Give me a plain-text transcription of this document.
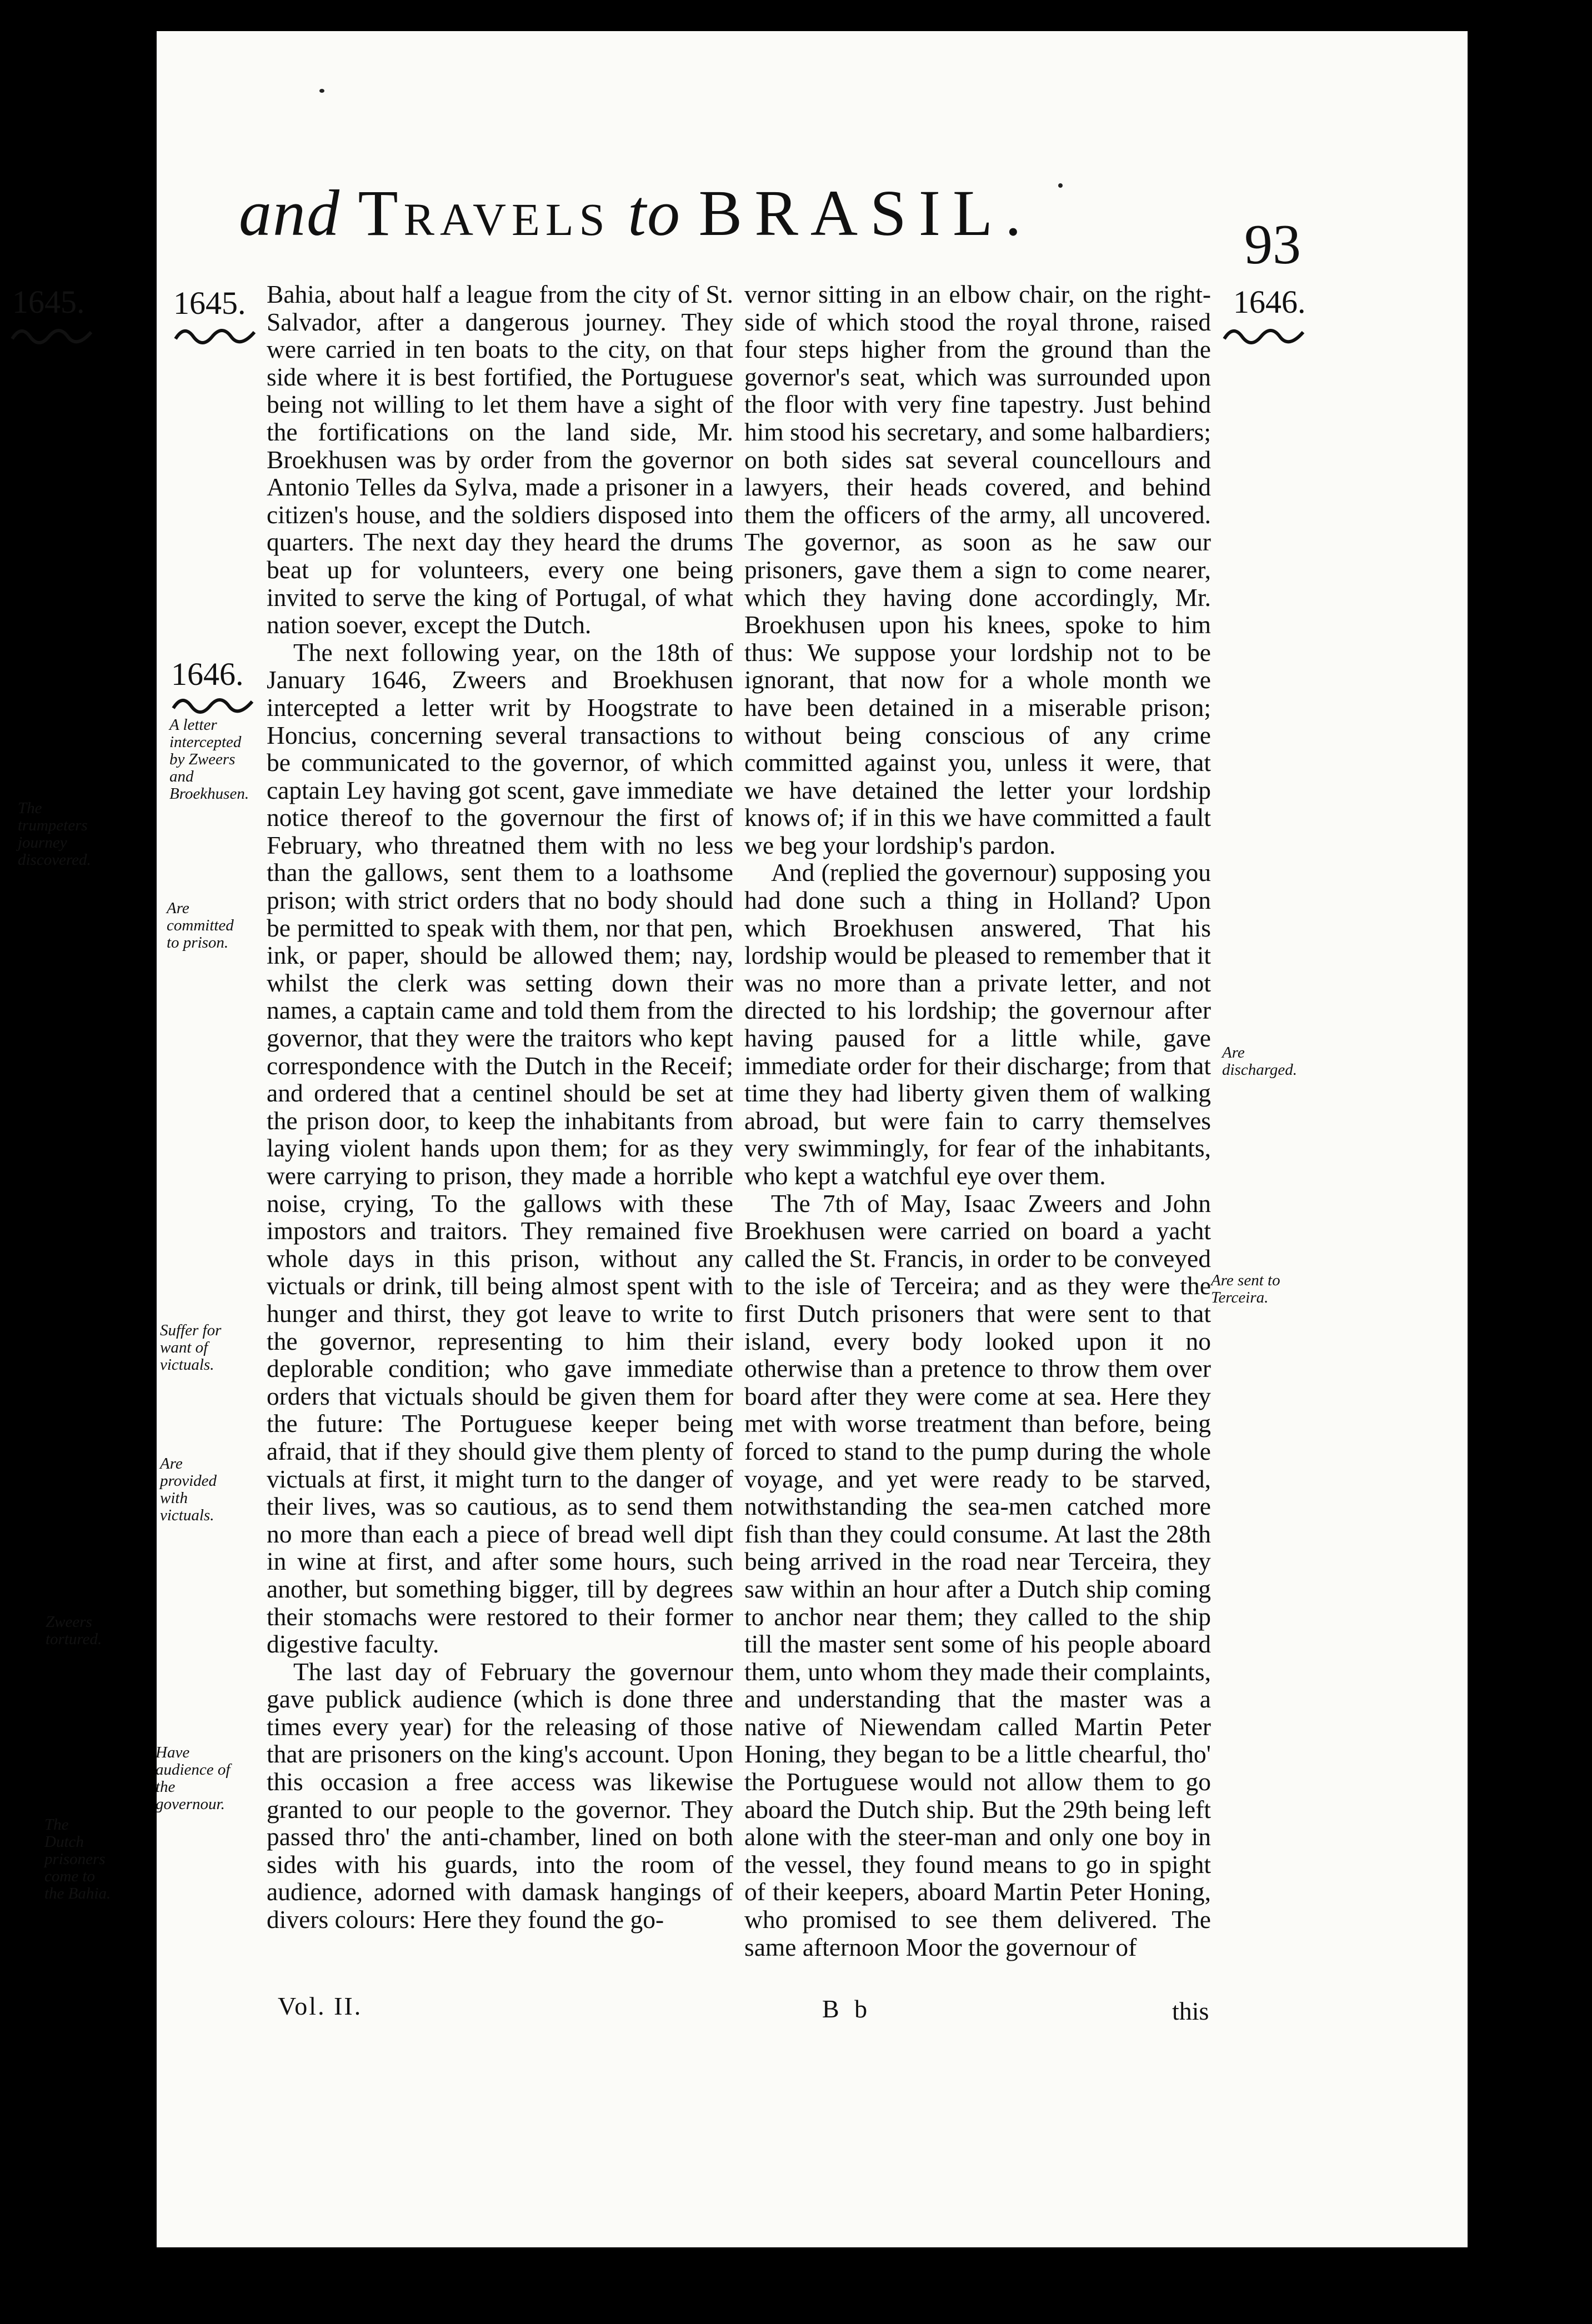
and Travels to BRASIL.	93
1645.	1645.
1646.
1646.

Bahia, about half a league from the city of St. Salvador, after a dangerous journey. They were carried in ten boats to the city, on that side where it is best fortified, the Portuguese being not willing to let them have a sight of the fortifications on the land side, Mr. Broekhusen was by order from the governor Antonio Telles da Sylva, made a prisoner in a citizen's house, and the soldiers disposed into quarters. The next day they heard the drums beat up for volunteers, every one being invited to serve the king of Portugal, of what nation soever, except the Dutch.

The next following year, on the 18th of January 1646, Zweers and Broekhusen intercepted a letter writ by Hoogstrate to Honcius, concerning several transactions to be communicated to the governor, of which captain Ley having got scent, gave immediate notice thereof to the governour the first of February, who threatned them with no less than the gallows, sent them to a loathsome prison; with strict orders that no body should be permitted to speak with them, nor that pen, ink, or paper, should be allowed them; nay, whilst the clerk was setting down their names, a captain came and told them from the governor, that they were the traitors who kept correspondence with the Dutch in the Receif; and ordered that a centinel should be set at the prison door, to keep the inhabitants from laying violent hands upon them; for as they were carrying to prison, they made a horrible noise, crying, To the gallows with these impostors and traitors. They remained five whole days in this prison, without any victuals or drink, till being almost spent with hunger and thirst, they got leave to write to the governor, representing to him their deplorable condition; who gave immediate orders that victuals should be given them for the future: The Portuguese keeper being afraid, that if they should give them plenty of victuals at first, it might turn to the danger of their lives, was so cautious, as to send them no more than each a piece of bread well dipt in wine at first, and after some hours, such another, but something bigger, till by degrees their stomachs were restored to their former digestive faculty.

The last day of February the governour gave publick audience (which is done three times every year) for the releasing of those that are prisoners on the king's account. Upon this occasion a free access was likewise granted to our people to the governor. They passed thro' the anti-chamber, lined on both sides with his guards, into the room of audience, adorned with damask hangings of divers colours: Here they found the go-

vernor sitting in an elbow chair, on the right-side of which stood the royal throne, raised four steps higher from the ground than the governor's seat, which was surrounded upon the floor with very fine tapestry. Just behind him stood his secretary, and some halbardiers; on both sides sat several councellours and lawyers, their heads covered, and behind them the officers of the army, all uncovered. The governor, as soon as he saw our prisoners, gave them a sign to come nearer, which they having done accordingly, Mr. Broekhusen upon his knees, spoke to him thus: We suppose your lordship not to be ignorant, that now for a whole month we have been detained in a miserable prison; without being conscious of any crime committed against you, unless it were, that we have detained the letter your lordship knows of; if in this we have committed a fault we beg your lordship's pardon.

And (replied the governour) supposing you had done such a thing in Holland? Upon which Broekhusen answered, That his lordship would be pleased to remember that it was no more than a private letter, and not directed to his lordship; the governour after having paused for a little while, gave immediate order for their discharge; from that time they had liberty given them of walking abroad, but were fain to carry themselves very swimmingly, for fear of the inhabitants, who kept a watchful eye over them.

The 7th of May, Isaac Zweers and John Broekhusen were carried on board a yacht called the St. Francis, in order to be conveyed to the isle of Terceira; and as they were the first Dutch prisoners that were sent to that island, every body looked upon it no otherwise than a pretence to throw them over board after they were come at sea. Here they met with worse treatment than before, being forced to stand to the pump during the whole voyage, and yet were ready to be starved, notwithstanding the sea-men catched more fish than they could consume. At last the 28th being arrived in the road near Terceira, they saw within an hour after a Dutch ship coming to anchor near them; they called to the ship till the master sent some of his people aboard them, unto whom they made their complaints, and understanding that the master was a native of Niewendam called Martin Peter Honing, they began to be a little chearful, tho' the Portuguese would not allow them to go aboard the Dutch ship. But the 29th being left alone with the steer-man and only one boy in the vessel, they found means to go in spight of their keepers, aboard Martin Peter Honing, who promised to see them delivered. The same afternoon Moor the governour of

A letter intercepted by Zweers and Broekhusen.
The trumpeters journey discovered.
Are committed to prison.
Suffer for want of victuals.
Are provided with victuals.
Zweers tortured.
Have audience of the governour.
The Dutch prisoners come to the Bahia.
Are discharged.
Are sent to Terceira.
Vol. II.	B b	this
